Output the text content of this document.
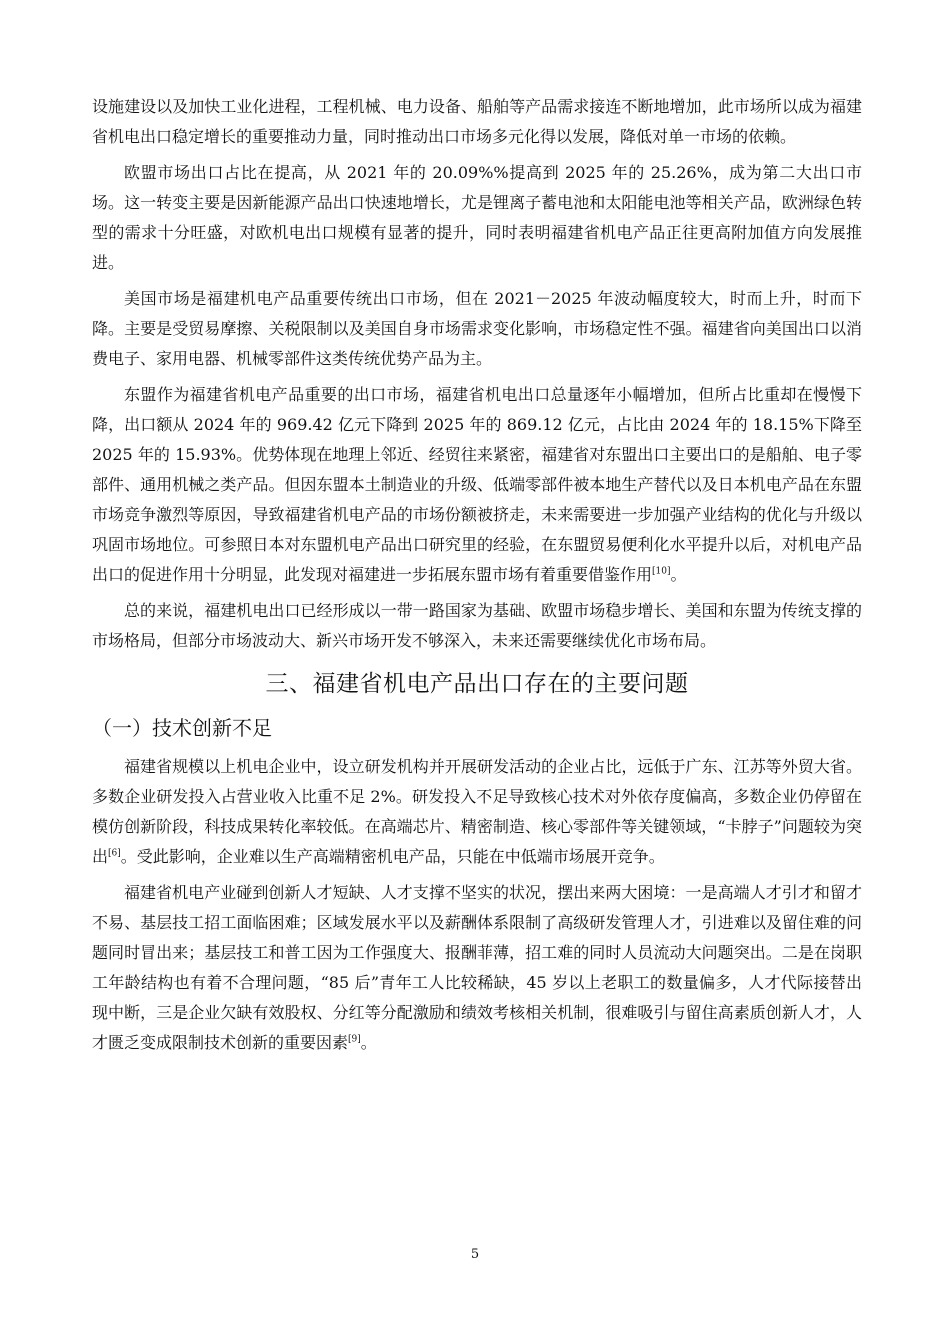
设施建设以及加快工业化进程，工程机械、电力设备、船舶等产品需求接连不断地增加，此市场所以成为福建省机电出口稳定增长的重要推动力量，同时推动出口市场多元化得以发展，降低对单一市场的依赖。

欧盟市场出口占比在提高，从 2021 年的 20.09%%提高到 2025 年的 25.26%，成为第二大出口市场。这一转变主要是因新能源产品出口快速地增长，尤是锂离子蓄电池和太阳能电池等相关产品，欧洲绿色转型的需求十分旺盛，对欧机电出口规模有显著的提升，同时表明福建省机电产品正往更高附加值方向发展推进。

美国市场是福建机电产品重要传统出口市场，但在 2021－2025 年波动幅度较大，时而上升，时而下降。主要是受贸易摩擦、关税限制以及美国自身市场需求变化影响，市场稳定性不强。福建省向美国出口以消费电子、家用电器、机械零部件这类传统优势产品为主。

东盟作为福建省机电产品重要的出口市场，福建省机电出口总量逐年小幅增加，但所占比重却在慢慢下降，出口额从 2024 年的 969.42 亿元下降到 2025 年的 869.12 亿元，占比由 2024 年的 18.15%下降至 2025 年的 15.93%。优势体现在地理上邻近、经贸往来紧密，福建省对东盟出口主要出口的是船舶、电子零部件、通用机械之类产品。但因东盟本土制造业的升级、低端零部件被本地生产替代以及日本机电产品在东盟市场竞争激烈等原因，导致福建省机电产品的市场份额被挤走，未来需要进一步加强产业结构的优化与升级以巩固市场地位。可参照日本对东盟机电产品出口研究里的经验，在东盟贸易便利化水平提升以后，对机电产品出口的促进作用十分明显，此发现对福建进一步拓展东盟市场有着重要借鉴作用[10]。

总的来说，福建机电出口已经形成以一带一路国家为基础、欧盟市场稳步增长、美国和东盟为传统支撑的市场格局，但部分市场波动大、新兴市场开发不够深入，未来还需要继续优化市场布局。

三、福建省机电产品出口存在的主要问题
（一）技术创新不足

福建省规模以上机电企业中，设立研发机构并开展研发活动的企业占比，远低于广东、江苏等外贸大省。多数企业研发投入占营业收入比重不足 2%。研发投入不足导致核心技术对外依存度偏高，多数企业仍停留在模仿创新阶段，科技成果转化率较低。在高端芯片、精密制造、核心零部件等关键领域，“卡脖子”问题较为突出[6]。受此影响，企业难以生产高端精密机电产品，只能在中低端市场展开竞争。

福建省机电产业碰到创新人才短缺、人才支撑不坚实的状况，摆出来两大困境：一是高端人才引才和留才不易、基层技工招工面临困难；区域发展水平以及薪酬体系限制了高级研发管理人才，引进难以及留住难的问题同时冒出来；基层技工和普工因为工作强度大、报酬菲薄，招工难的同时人员流动大问题突出。二是在岗职工年龄结构也有着不合理问题，“85 后”青年工人比较稀缺，45 岁以上老职工的数量偏多，人才代际接替出现中断，三是企业欠缺有效股权、分红等分配激励和绩效考核相关机制，很难吸引与留住高素质创新人才，人才匮乏变成限制技术创新的重要因素[9]。

5
